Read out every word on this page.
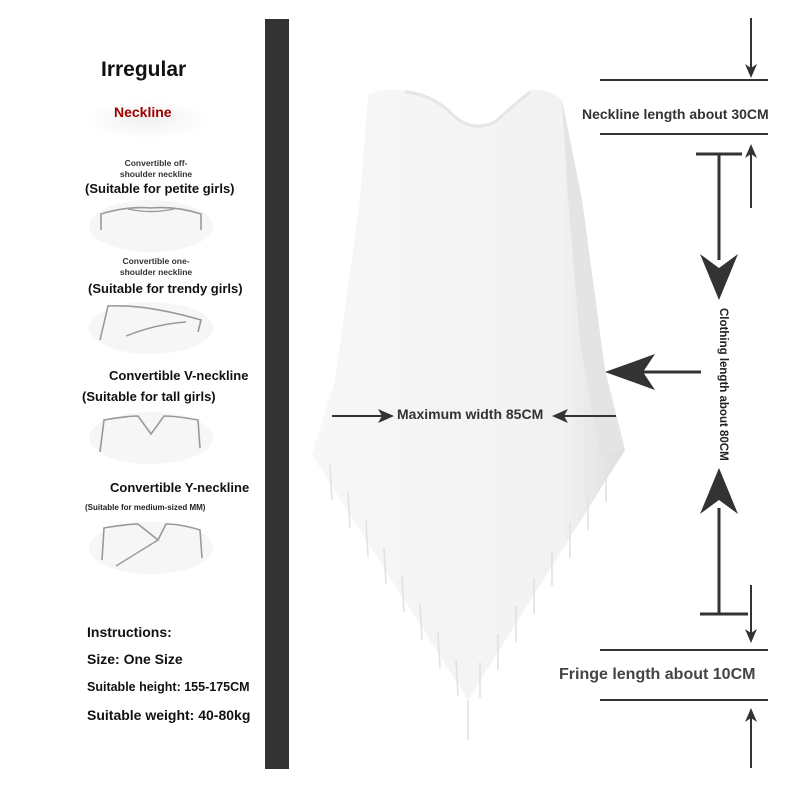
Irregular
Neckline
Convertible off-
shoulder neckline
(Suitable for petite girls)
Convertible one-
shoulder neckline
(Suitable for trendy girls)
Convertible V-neckline
(Suitable for tall girls)
Convertible Y-neckline
(Suitable for medium-sized MM)
Instructions:
Size: One Size
Suitable height: 155-175CM
Suitable weight: 40-80kg
Maximum width 85CM
Neckline length about 30CM
Clothing length about 80CM
Fringe length about 10CM
